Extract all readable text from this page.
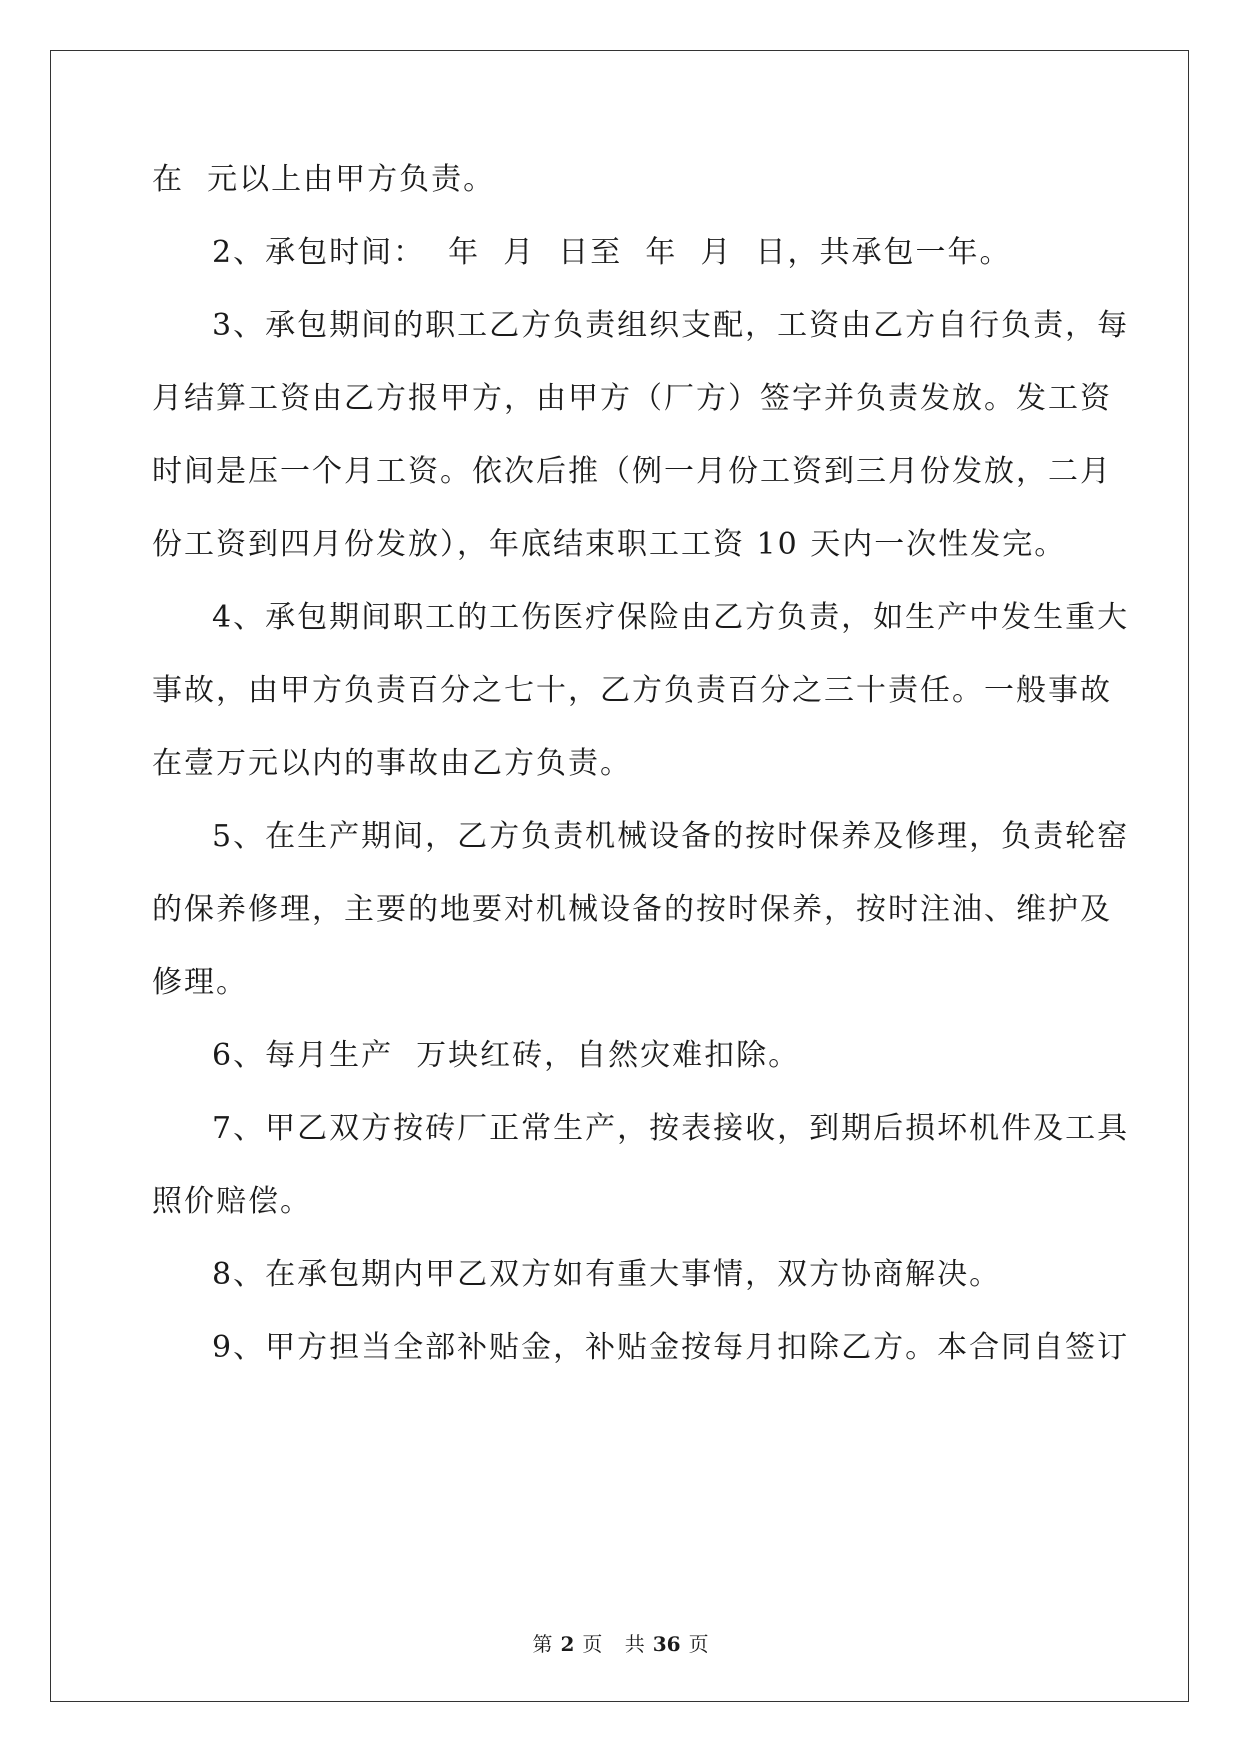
在  元以上由甲方负责。
2、承包时间：  年  月  日至  年  月  日，共承包一年。
3、承包期间的职工乙方负责组织支配，工资由乙方自行负责，每
月结算工资由乙方报甲方，由甲方（厂方）签字并负责发放。发工资
时间是压一个月工资。依次后推（例一月份工资到三月份发放，二月
份工资到四月份发放），年底结束职工工资 10 天内一次性发完。
4、承包期间职工的工伤医疗保险由乙方负责，如生产中发生重大
事故，由甲方负责百分之七十，乙方负责百分之三十责任。一般事故
在壹万元以内的事故由乙方负责。
5、在生产期间，乙方负责机械设备的按时保养及修理，负责轮窑
的保养修理，主要的地要对机械设备的按时保养，按时注油、维护及
修理。
6、每月生产  万块红砖，自然灾难扣除。
7、甲乙双方按砖厂正常生产，按表接收，到期后损坏机件及工具
照价赔偿。
8、在承包期内甲乙双方如有重大事情，双方协商解决。
9、甲方担当全部补贴金，补贴金按每月扣除乙方。本合同自签订
第 2 页 共 36 页
